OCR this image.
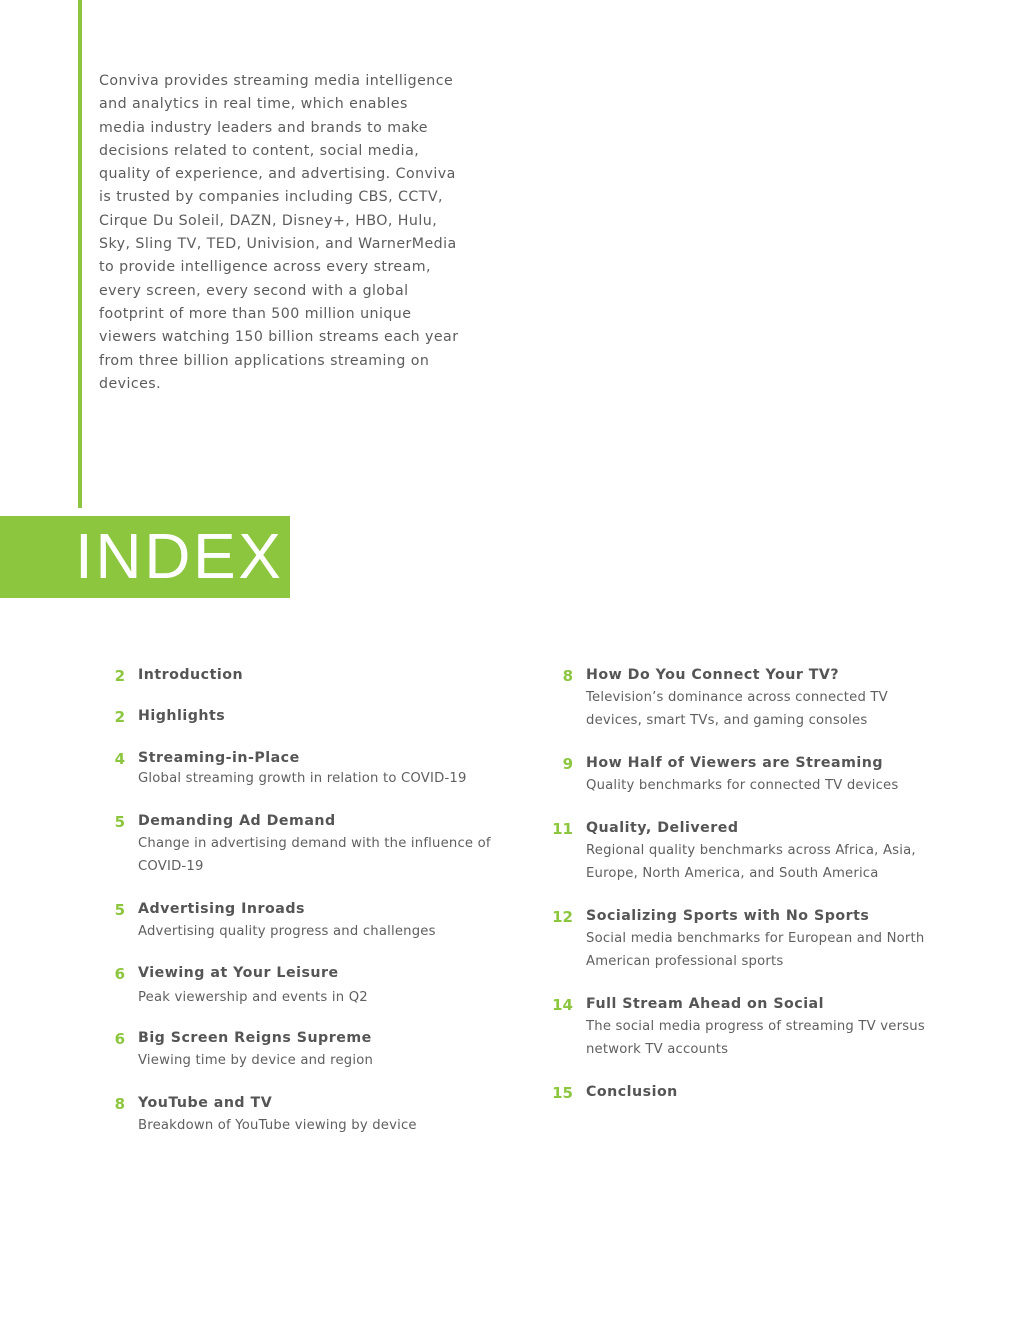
Conviva provides streaming media intelligence and analytics in real time, which enables media industry leaders and brands to make decisions related to content, social media, quality of experience, and advertising. Conviva is trusted by companies including CBS, CCTV, Cirque Du Soleil, DAZN, Disney+, HBO, Hulu, Sky, Sling TV, TED, Univision, and WarnerMedia to provide intelligence across every stream, every screen, every second with a global footprint of more than 500 million unique viewers watching 150 billion streams each year from three billion applications streaming on devices.

INDEX
2 Introduction
2 Highlights
4 Streaming-in-Place
Global streaming growth in relation to COVID-19
5 Demanding Ad Demand
Change in advertising demand with the influence of COVID-19
5 Advertising Inroads
Advertising quality progress and challenges
6 Viewing at Your Leisure
Peak viewership and events in Q2
6 Big Screen Reigns Supreme
Viewing time by device and region
8 YouTube and TV
Breakdown of YouTube viewing by device
8 How Do You Connect Your TV?
Television’s dominance across connected TV devices, smart TVs, and gaming consoles
9 How Half of Viewers are Streaming
Quality benchmarks for connected TV devices
11 Quality, Delivered
Regional quality benchmarks across Africa, Asia, Europe, North America, and South America
12 Socializing Sports with No Sports
Social media benchmarks for European and North American professional sports
14 Full Stream Ahead on Social
The social media progress of streaming TV versus network TV accounts
15 Conclusion
